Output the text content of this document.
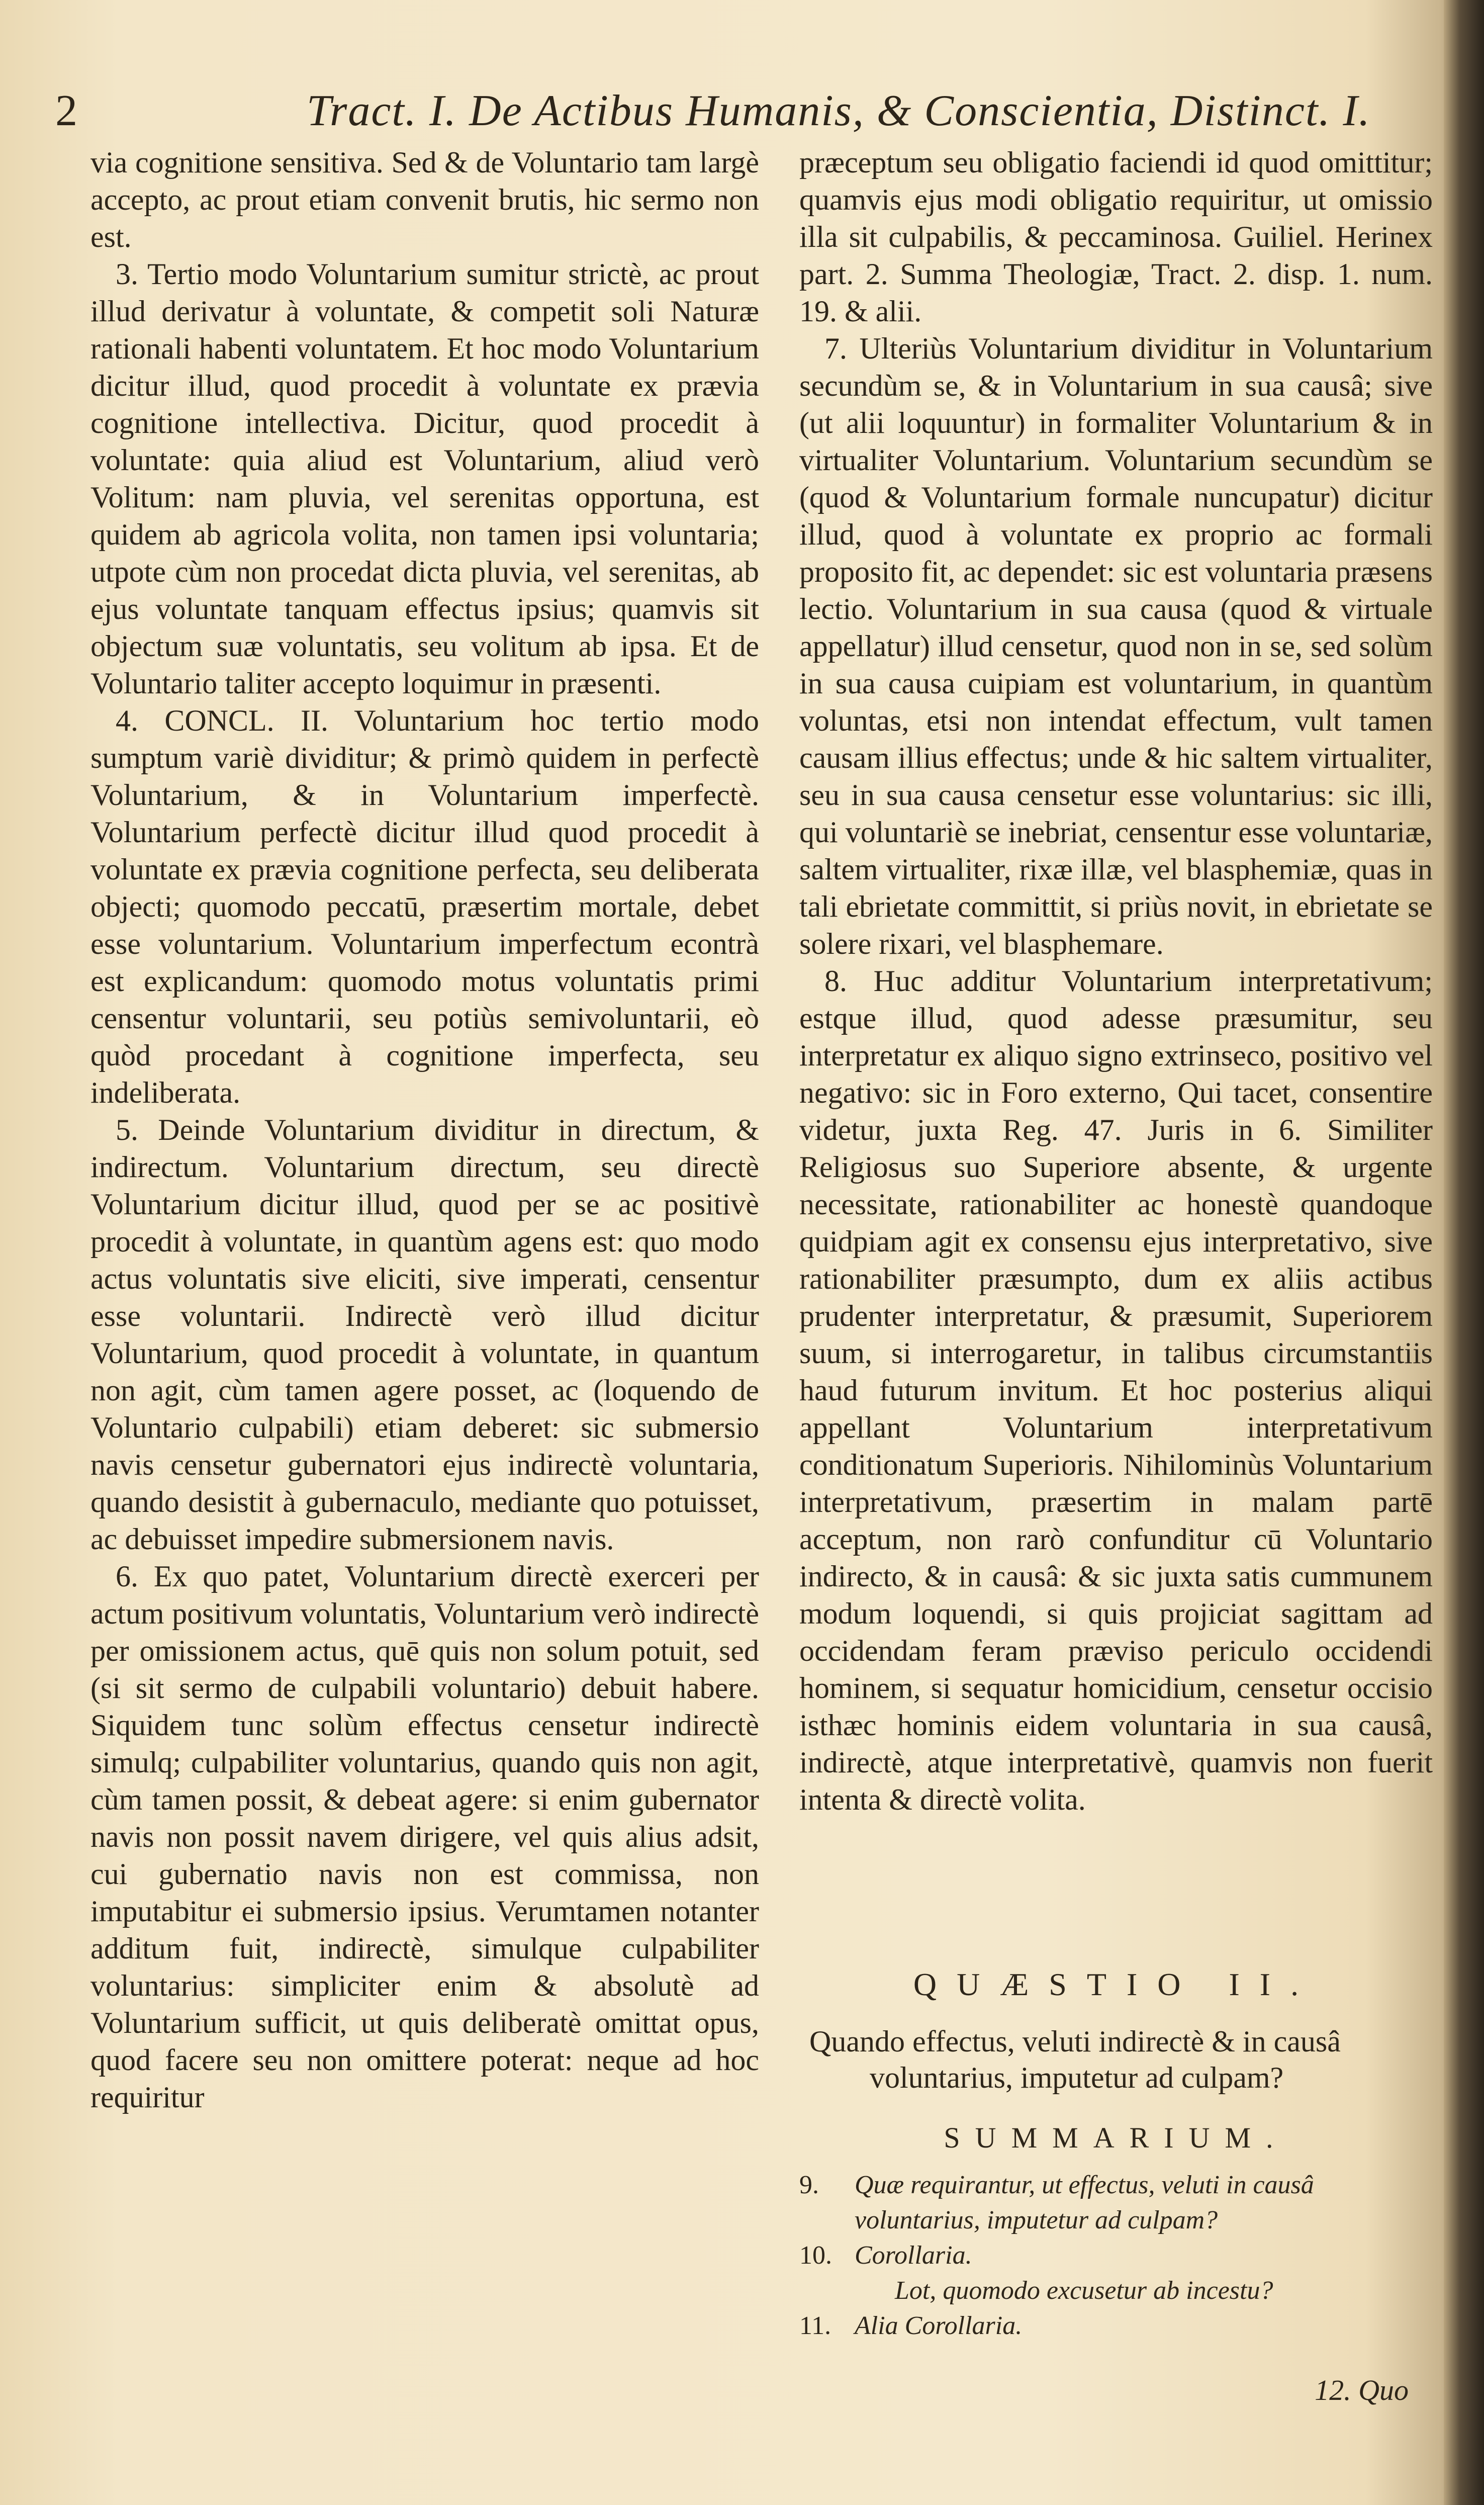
2	Tract. I. De Actibus Humanis, & Conscientia, Distinct. I.

via cognitione sensitiva. Sed & de Voluntario tam largè accepto, ac prout etiam convenit brutis, hic sermo non est.

3. Tertio modo Voluntarium sumitur strictè, ac prout illud derivatur à voluntate, & competit soli Naturæ rationali habenti voluntatem. Et hoc modo Voluntarium dicitur illud, quod procedit à voluntate ex prævia cognitione intellectiva. Dicitur, quod procedit à voluntate: quia aliud est Voluntarium, aliud verò Volitum: nam pluvia, vel serenitas opportuna, est quidem ab agricola volita, non tamen ipsi voluntaria; utpote cùm non procedat dicta pluvia, vel serenitas, ab ejus voluntate tanquam effectus ipsius; quamvis sit objectum suæ voluntatis, seu volitum ab ipsa. Et de Voluntario taliter accepto loquimur in præsenti.

4. CONCL. II. Voluntarium hoc tertio modo sumptum variè dividitur; & primò quidem in perfectè Voluntarium, & in Voluntarium imperfectè. Voluntarium perfectè dicitur illud quod procedit à voluntate ex prævia cognitione perfecta, seu deliberata objecti; quomodo peccatū, præsertim mortale, debet esse voluntarium. Voluntarium imperfectum econtrà est explicandum: quomodo motus voluntatis primi censentur voluntarii, seu potiùs semivoluntarii, eò quòd procedant à cognitione imperfecta, seu indeliberata.

5. Deinde Voluntarium dividitur in directum, & indirectum. Voluntarium directum, seu directè Voluntarium dicitur illud, quod per se ac positivè procedit à voluntate, in quantùm agens est: quo modo actus voluntatis sive eliciti, sive imperati, censentur esse voluntarii. Indirectè verò illud dicitur Voluntarium, quod procedit à voluntate, in quantum non agit, cùm tamen agere posset, ac (loquendo de Voluntario culpabili) etiam deberet: sic submersio navis censetur gubernatori ejus indirectè voluntaria, quando desistit à gubernaculo, mediante quo potuisset, ac debuisset impedire submersionem navis.

6. Ex quo patet, Voluntarium directè exerceri per actum positivum voluntatis, Voluntarium verò indirectè per omissionem actus, quē quis non solum potuit, sed (si sit sermo de culpabili voluntario) debuit habere. Siquidem tunc solùm effectus censetur indirectè simulq; culpabiliter voluntarius, quando quis non agit, cùm tamen possit, & debeat agere: si enim gubernator navis non possit navem dirigere, vel quis alius adsit, cui gubernatio navis non est commissa, non imputabitur ei submersio ipsius. Verumtamen notanter additum fuit, indirectè, simulque culpabiliter voluntarius: simpliciter enim & absolutè ad Voluntarium sufficit, ut quis deliberatè omittat opus, quod facere seu non omittere poterat: neque ad hoc requiritur

præceptum seu obligatio faciendi id quod omittitur; quamvis ejus modi obligatio requiritur, ut omissio illa sit culpabilis, & peccaminosa. Guiliel. Herinex part. 2. Summa Theologiæ, Tract. 2. disp. 1. num. 19. & alii.

7. Ulteriùs Voluntarium dividitur in Voluntarium secundùm se, & in Voluntarium in sua causâ; sive (ut alii loquuntur) in formaliter Voluntarium & in virtualiter Voluntarium. Voluntarium secundùm se (quod & Voluntarium formale nuncupatur) dicitur illud, quod à voluntate ex proprio ac formali proposito fit, ac dependet: sic est voluntaria præsens lectio. Voluntarium in sua causa (quod & virtuale appellatur) illud censetur, quod non in se, sed solùm in sua causa cuipiam est voluntarium, in quantùm voluntas, etsi non intendat effectum, vult tamen causam illius effectus; unde & hic saltem virtualiter, seu in sua causa censetur esse voluntarius: sic illi, qui voluntariè se inebriat, censentur esse voluntariæ, saltem virtualiter, rixæ illæ, vel blasphemiæ, quas in tali ebrietate committit, si priùs novit, in ebrietate se solere rixari, vel blasphemare.

8. Huc additur Voluntarium interpretativum; estque illud, quod adesse præsumitur, seu interpretatur ex aliquo signo extrinseco, positivo vel negativo: sic in Foro externo, Qui tacet, consentire videtur, juxta Reg. 47. Juris in 6. Similiter Religiosus suo Superiore absente, & urgente necessitate, rationabiliter ac honestè quandoque quidpiam agit ex consensu ejus interpretativo, sive rationabiliter præsumpto, dum ex aliis actibus prudenter interpretatur, & præsumit, Superiorem suum, si interrogaretur, in talibus circumstantiis haud futurum invitum. Et hoc posterius aliqui appellant Voluntarium interpretativum conditionatum Superioris. Nihilominùs Voluntarium interpretativum, præsertim in malam partē acceptum, non rarò confunditur cū Voluntario indirecto, & in causâ: & sic juxta satis cummunem modum loquendi, si quis projiciat sagittam ad occidendam feram præviso periculo occidendi hominem, si sequatur homicidium, censetur occisio isthæc hominis eidem voluntaria in sua causâ, indirectè, atque interpretativè, quamvis non fuerit intenta & directè volita.

QUÆSTIO II.

Quando effectus, veluti indirectè & in causâ
voluntarius, imputetur ad culpam?

SUMMARIUM.
9. Quæ requirantur, ut effectus, veluti in causâ voluntarius, imputetur ad culpam?
10. Corollaria.
Lot, quomodo excusetur ab incestu?
11. Alia Corollaria.
12. Quo
